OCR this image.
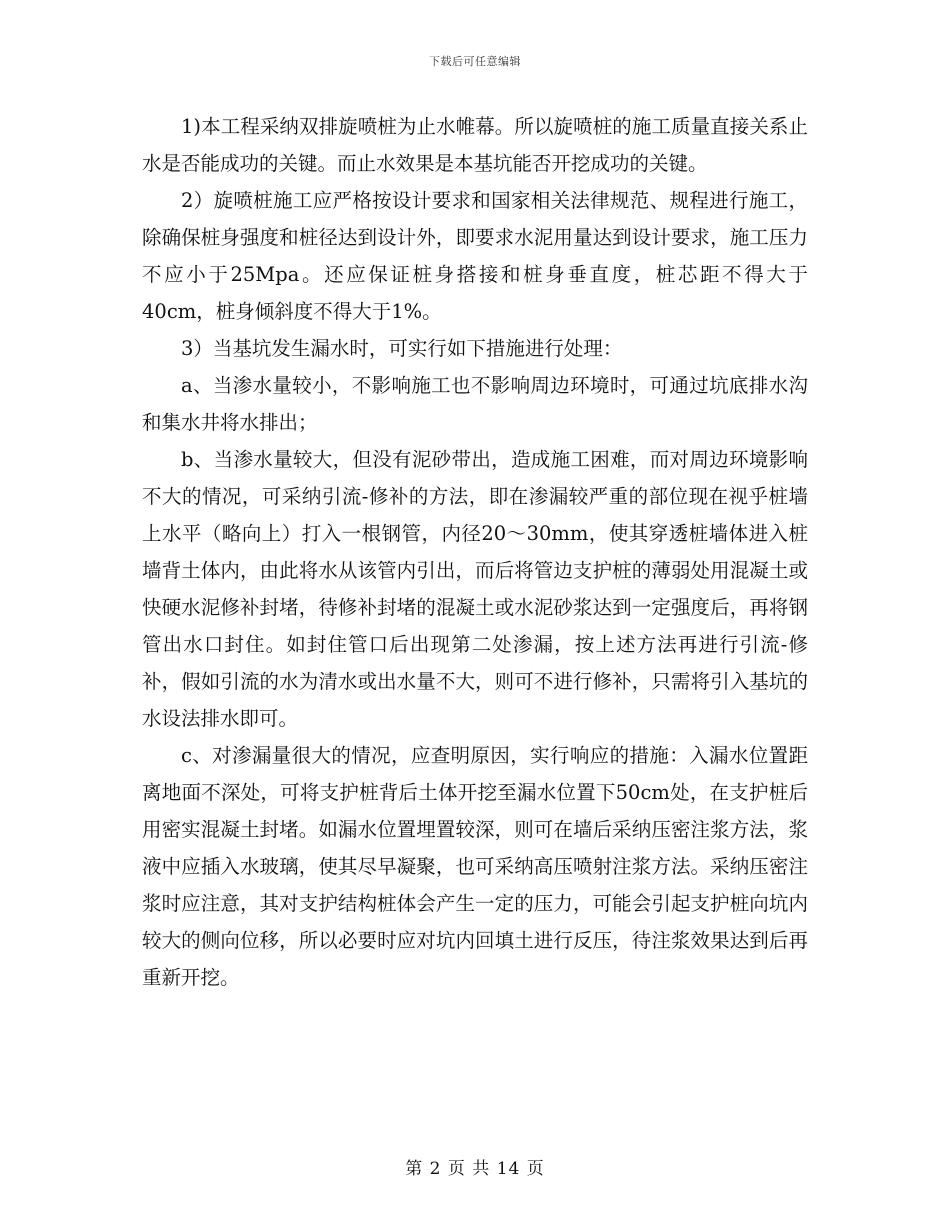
下载后可任意编辑

1)本工程采纳双排旋喷桩为止水帷幕。所以旋喷桩的施工质量直接关系止水是否能成功的关键。而止水效果是本基坑能否开挖成功的关键。

2）旋喷桩施工应严格按设计要求和国家相关法律规范、规程进行施工，除确保桩身强度和桩径达到设计外，即要求水泥用量达到设计要求，施工压力不应小于25Mpa。还应保证桩身搭接和桩身垂直度，桩芯距不得大于40cm，桩身倾斜度不得大于1%。

3）当基坑发生漏水时，可实行如下措施进行处理：

a、当渗水量较小，不影响施工也不影响周边环境时，可通过坑底排水沟和集水井将水排出；

b、当渗水量较大，但没有泥砂带出，造成施工困难，而对周边环境影响不大的情况，可采纳引流-修补的方法，即在渗漏较严重的部位现在视乎桩墙上水平（略向上）打入一根钢管，内径20～30mm，使其穿透桩墙体进入桩墙背土体内，由此将水从该管内引出，而后将管边支护桩的薄弱处用混凝土或快硬水泥修补封堵，待修补封堵的混凝土或水泥砂浆达到一定强度后，再将钢管出水口封住。如封住管口后出现第二处渗漏，按上述方法再进行引流-修补，假如引流的水为清水或出水量不大，则可不进行修补，只需将引入基坑的水设法排水即可。

c、对渗漏量很大的情况，应查明原因，实行响应的措施：入漏水位置距离地面不深处，可将支护桩背后土体开挖至漏水位置下50cm处，在支护桩后用密实混凝土封堵。如漏水位置埋置较深，则可在墙后采纳压密注浆方法，浆液中应插入水玻璃，使其尽早凝聚，也可采纳高压喷射注浆方法。采纳压密注浆时应注意，其对支护结构桩体会产生一定的压力，可能会引起支护桩向坑内较大的侧向位移，所以必要时应对坑内回填土进行反压，待注浆效果达到后再重新开挖。

第 2 页 共 14 页
